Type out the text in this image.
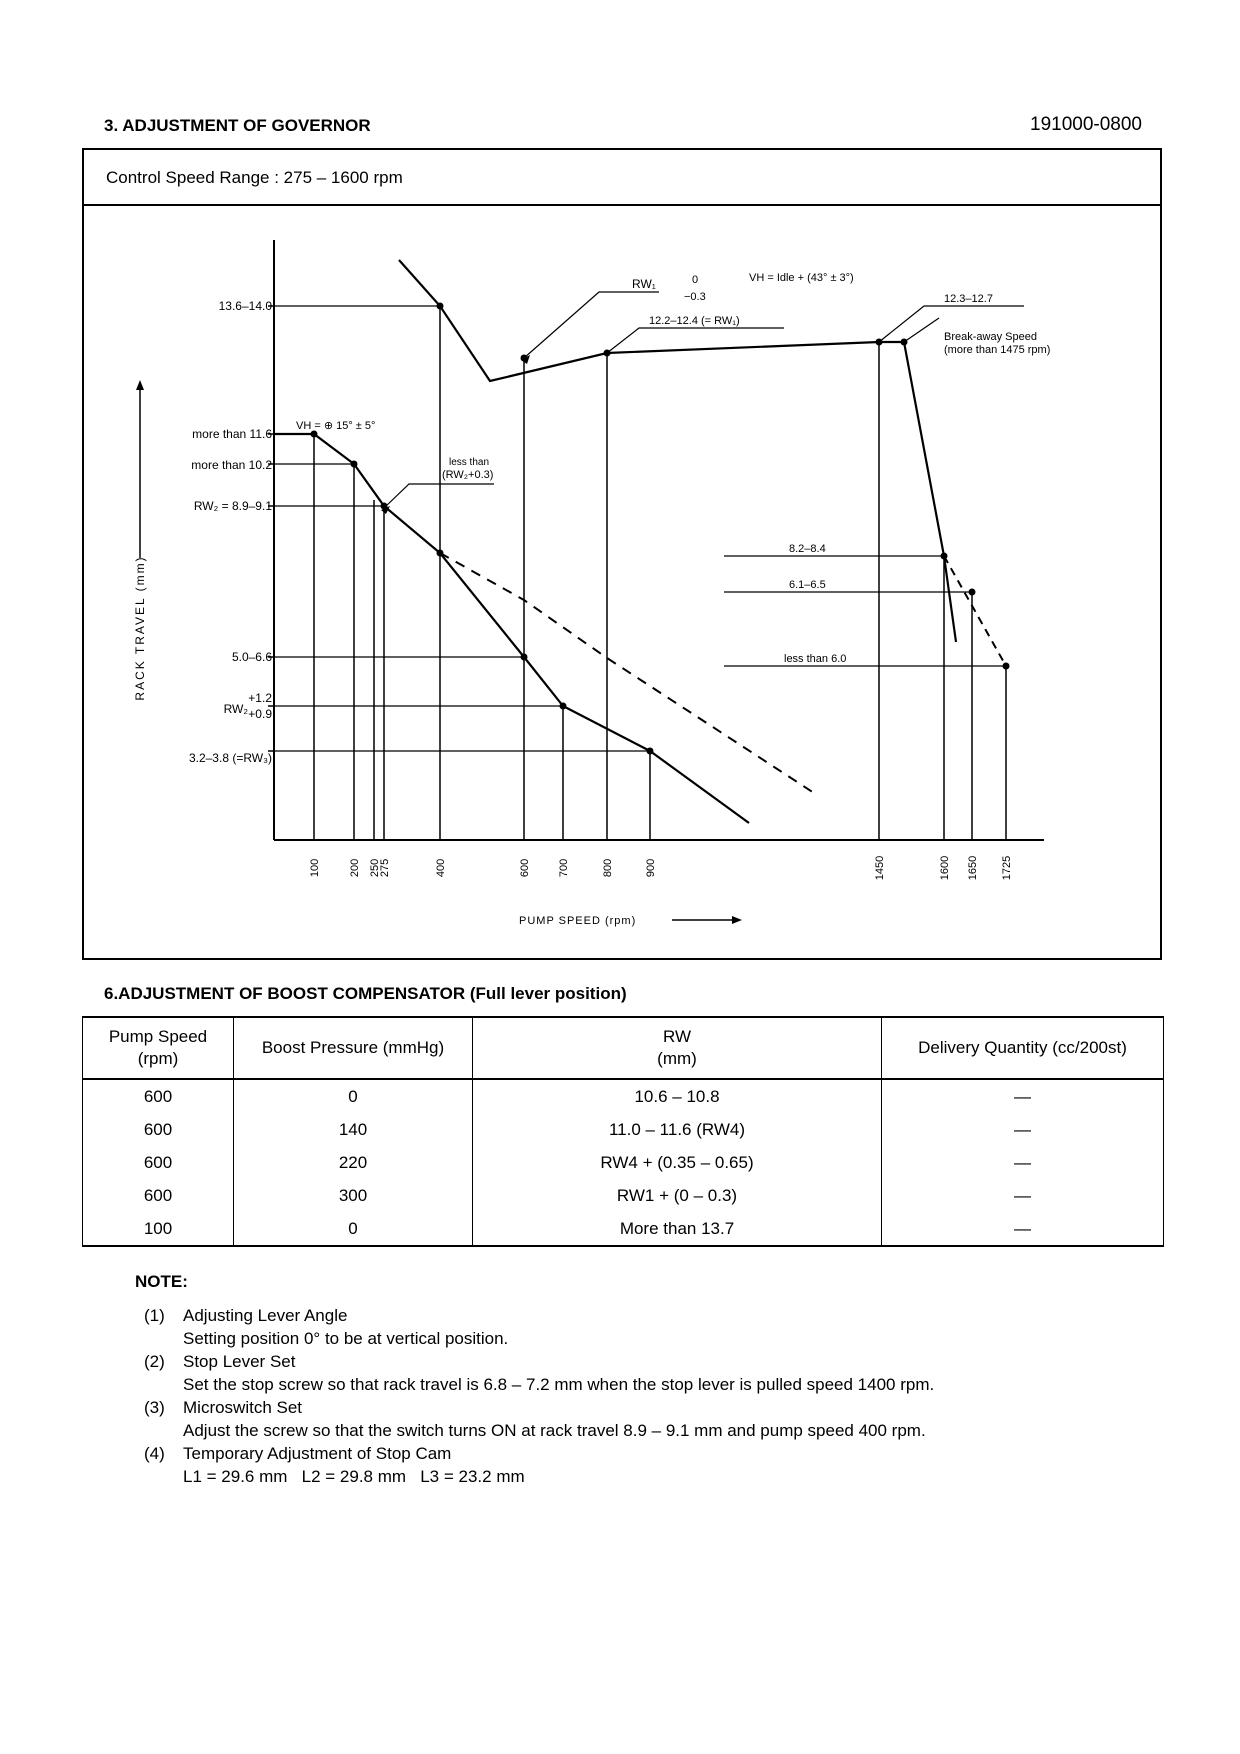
3. ADJUSTMENT OF GOVERNOR	191000-0800
Control Speed Range : 275 – 1600 rpm
RACK TRAVEL (mm)
13.6–14.0
more than 11.6
more than 10.2
RW₂ = 8.9–9.1
5.0–6.6
RW₂
+1.2
+0.9
3.2–3.8 (=RW₃)
RW₁	0
−0.3
VH = Idle + (43° ± 3°)
12.2–12.4 (= RW₁)
12.3–12.7
Break-away Speed
(more than 1475 rpm)
VH = ⊕ 15° ± 5°
less than
(RW₂+0.3)
8.2–8.4
6.1–6.5
less than 6.0
100	200 250
275	400	600 700	800	900	1450	1600 1650 1725
PUMP SPEED (rpm)
6.ADJUSTMENT OF BOOST COMPENSATOR (Full lever position)
Pump Speed
(rpm)	Boost Pressure (mmHg)	RW
(mm)	Delivery Quantity (cc/200st)
600	0	10.6 – 10.8	—
600	140	11.0 – 11.6 (RW4)	—
600	220	RW4 + (0.35 – 0.65)	—
600	300	RW1 + (0 – 0.3)	—
100	0	More than 13.7	—
NOTE:
(1) Adjusting Lever Angle
Setting position 0° to be at vertical position.
(2) Stop Lever Set
Set the stop screw so that rack travel is 6.8 – 7.2 mm when the stop lever is pulled speed 1400 rpm.
(3) Microswitch Set
Adjust the screw so that the switch turns ON at rack travel 8.9 – 9.1 mm and pump speed 400 rpm.
(4) Temporary Adjustment of Stop Cam
L1 = 29.6 mm L2 = 29.8 mm L3 = 23.2 mm
